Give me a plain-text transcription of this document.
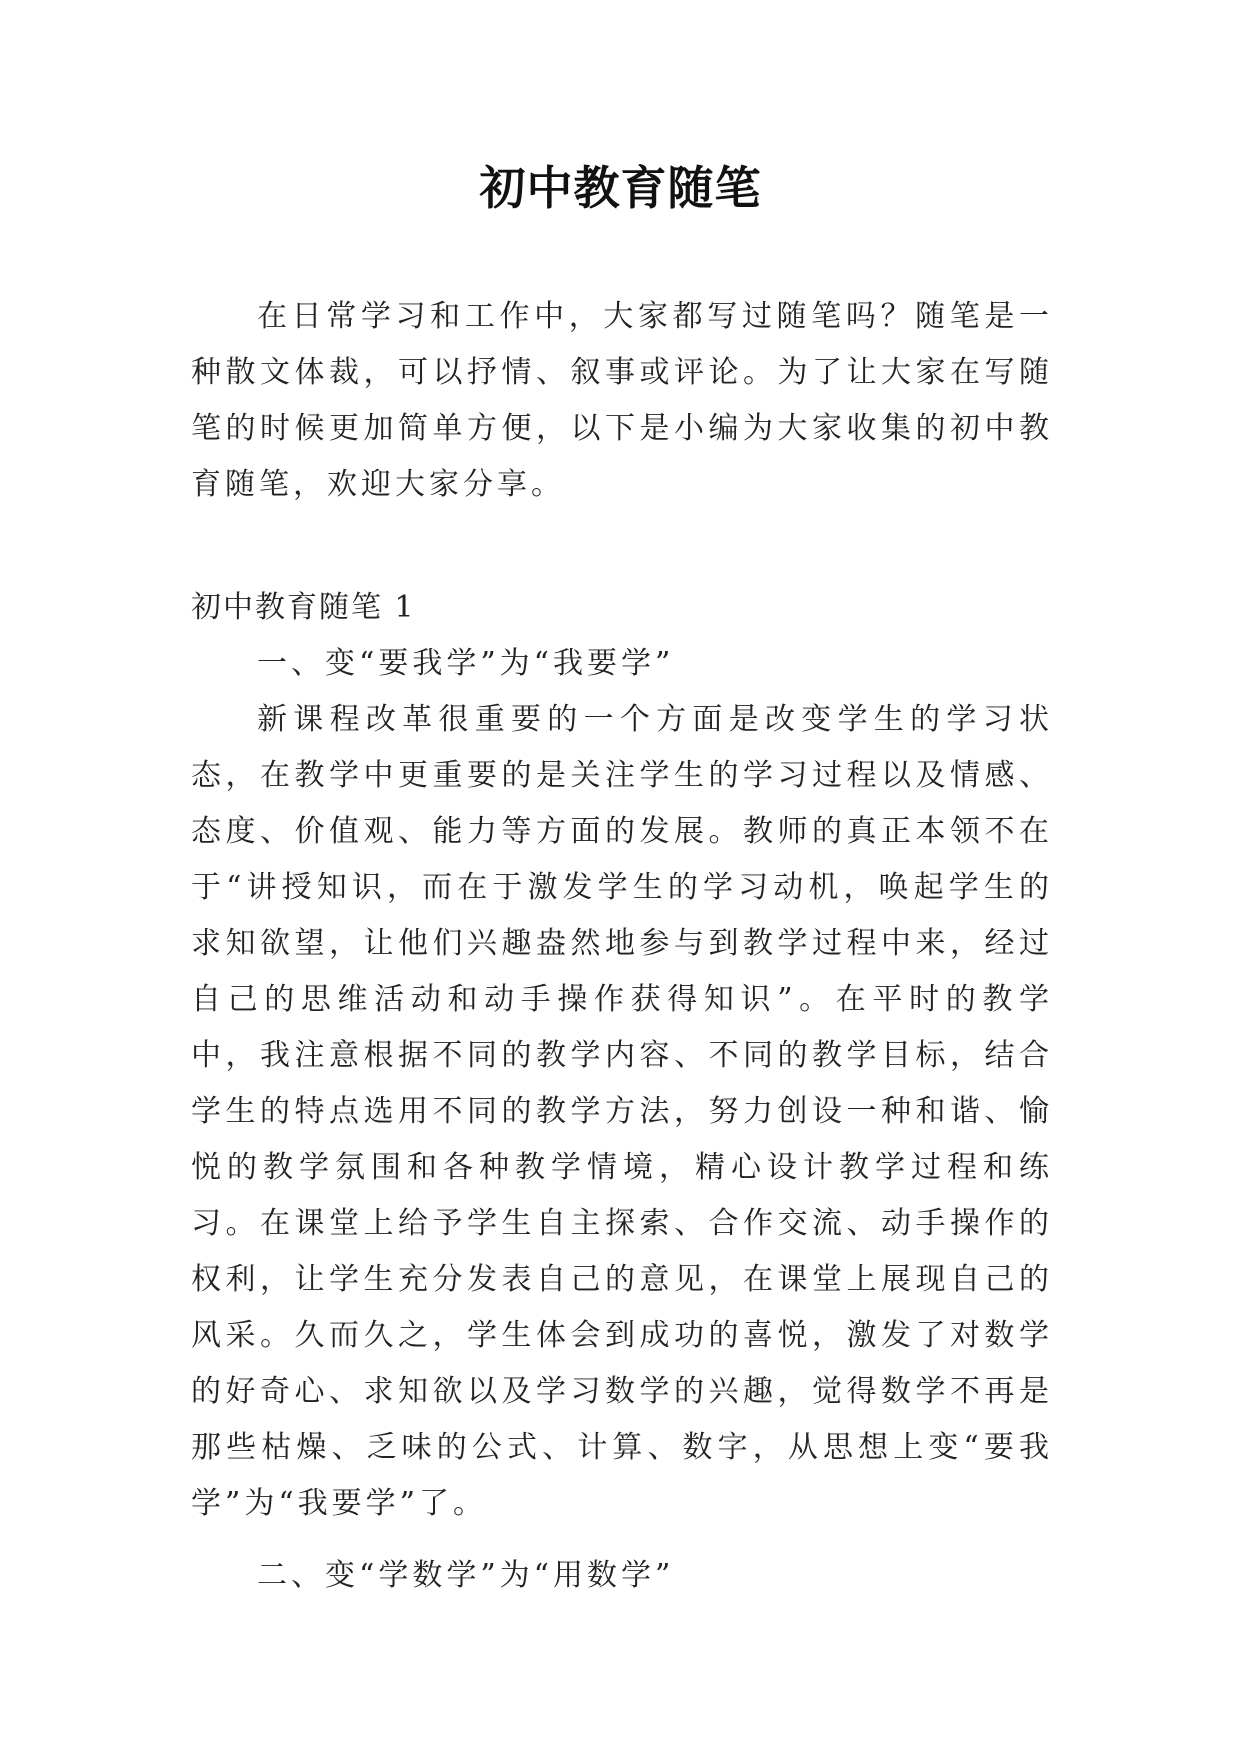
初中教育随笔

在日常学习和工作中，大家都写过随笔吗？随笔是一种散文体裁，可以抒情、叙事或评论。为了让大家在写随笔的时候更加简单方便，以下是小编为大家收集的初中教育随笔，欢迎大家分享。

初中教育随笔 1

一、变“要我学”为“我要学”

新课程改革很重要的一个方面是改变学生的学习状态，在教学中更重要的是关注学生的学习过程以及情感、态度、价值观、能力等方面的发展。教师的真正本领不在于“讲授知识，而在于激发学生的学习动机，唤起学生的求知欲望，让他们兴趣盎然地参与到教学过程中来，经过自己的思维活动和动手操作获得知识”。在平时的教学中，我注意根据不同的教学内容、不同的教学目标，结合学生的特点选用不同的教学方法，努力创设一种和谐、愉悦的教学氛围和各种教学情境，精心设计教学过程和练习。在课堂上给予学生自主探索、合作交流、动手操作的权利，让学生充分发表自己的意见，在课堂上展现自己的风采。久而久之，学生体会到成功的喜悦，激发了对数学的好奇心、求知欲以及学习数学的兴趣，觉得数学不再是那些枯燥、乏味的公式、计算、数字，从思想上变“要我学”为“我要学”了。

二、变“学数学”为“用数学”
